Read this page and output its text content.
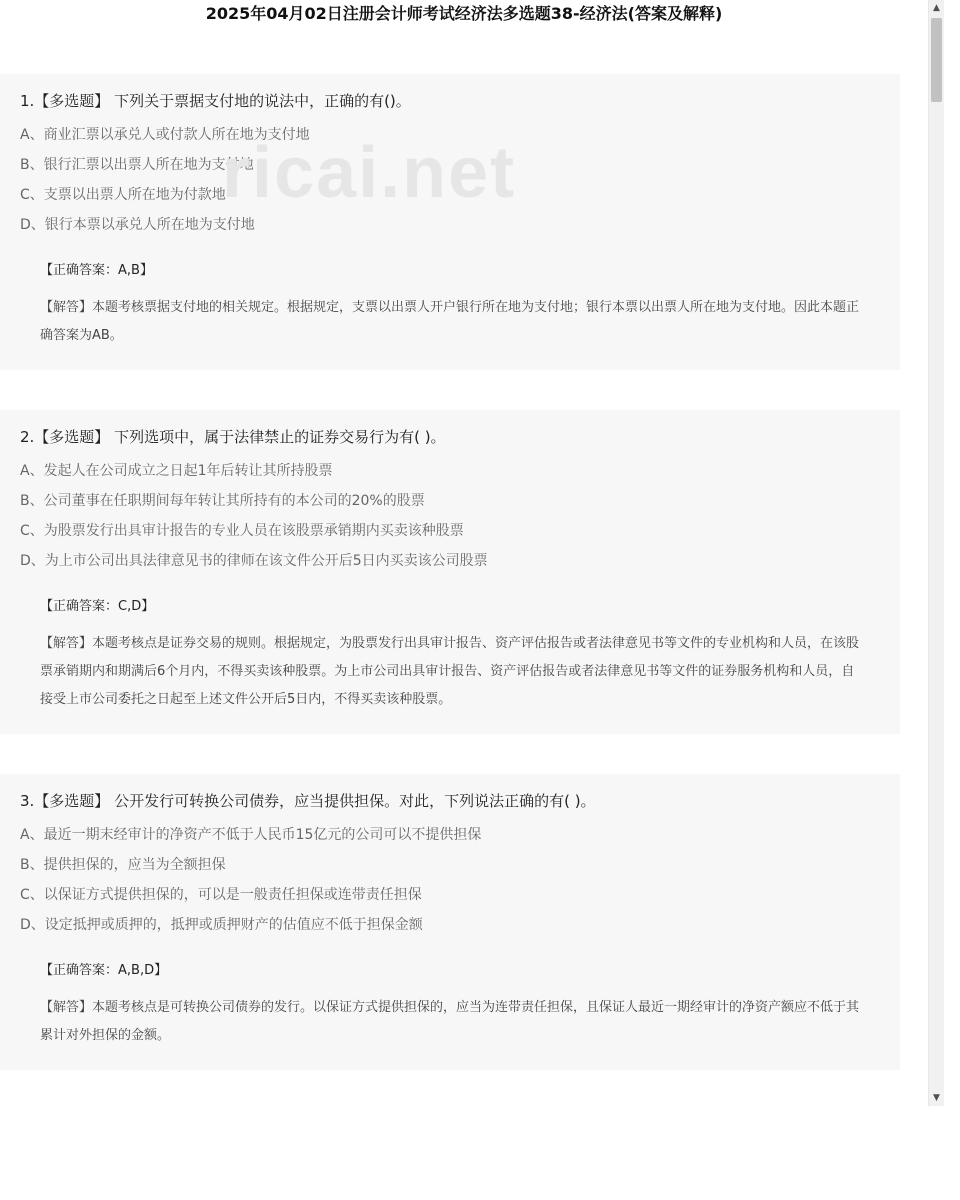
2025年04月02日注册会计师考试经济法多选题38-经济法(答案及解释)
1.【多选题】 下列关于票据支付地的说法中，正确的有()。
A、商业汇票以承兑人或付款人所在地为支付地
B、银行汇票以出票人所在地为支付地
C、支票以出票人所在地为付款地
D、银行本票以承兑人所在地为支付地
【正确答案：A,B】
【解答】本题考核票据支付地的相关规定。根据规定，支票以出票人开户银行所在地为支付地；银行本票以出票人所在地为支付地。因此本题正确答案为AB。
2.【多选题】 下列选项中，属于法律禁止的证券交易行为有( )。
A、发起人在公司成立之日起1年后转让其所持股票
B、公司董事在任职期间每年转让其所持有的本公司的20%的股票
C、为股票发行出具审计报告的专业人员在该股票承销期内买卖该种股票
D、为上市公司出具法律意见书的律师在该文件公开后5日内买卖该公司股票
【正确答案：C,D】
【解答】本题考核点是证券交易的规则。根据规定，为股票发行出具审计报告、资产评估报告或者法律意见书等文件的专业机构和人员，在该股票承销期内和期满后6个月内，不得买卖该种股票。为上市公司出具审计报告、资产评估报告或者法律意见书等文件的证券服务机构和人员，自接受上市公司委托之日起至上述文件公开后5日内，不得买卖该种股票。
3.【多选题】 公开发行可转换公司债券，应当提供担保。对此，下列说法正确的有( )。
A、最近一期末经审计的净资产不低于人民币15亿元的公司可以不提供担保
B、提供担保的，应当为全额担保
C、以保证方式提供担保的，可以是一般责任担保或连带责任担保
D、设定抵押或质押的，抵押或质押财产的估值应不低于担保金额
【正确答案：A,B,D】
【解答】本题考核点是可转换公司债券的发行。以保证方式提供担保的，应当为连带责任担保，且保证人最近一期经审计的净资产额应不低于其累计对外担保的金额。
ricai.net
▲
▼
